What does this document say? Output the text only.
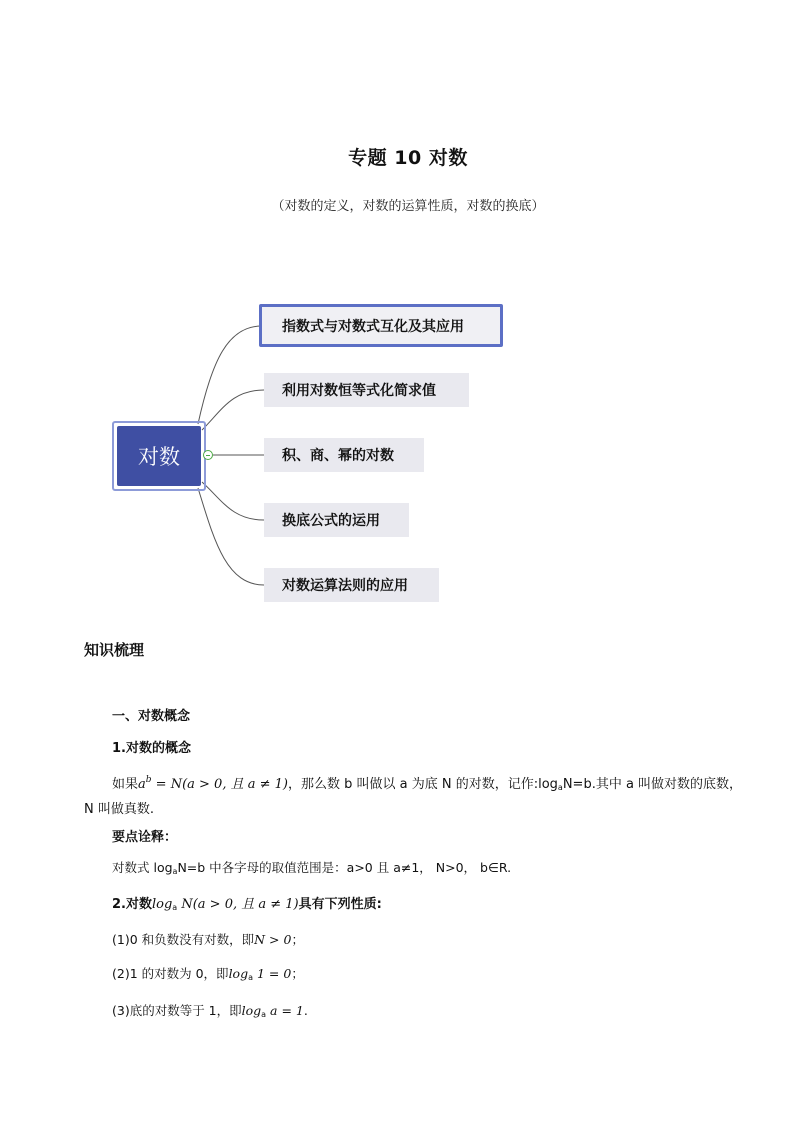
专题 10 对数
（对数的定义，对数的运算性质，对数的换底）
对数
指数式与对数式互化及其应用
利用对数恒等式化简求值
积、商、幂的对数
换底公式的运用
对数运算法则的应用
知识梳理
一、对数概念
1.对数的概念
如果$a^b = N(a > 0$, 且 a ≠ 1)，那么数 b 叫做以 a 为底 N 的对数，记作$:\log_aN=b$.其中 a 叫做对数的底数，N 叫做真数.
要点诠释：
对数式 $\log_aN=b$ 中各字母的取值范围是：a>0 且 a≠1， N>0， b∈R.
2.对数$\log_a N(a > 0$, 且 a ≠ 1)具有下列性质:
(1)0 和负数没有对数，即N > 0；
(2)1 的对数为 0，即$\log_a 1 = 0$；
(3)底的对数等于 1，即$\log_a a = 1$.
